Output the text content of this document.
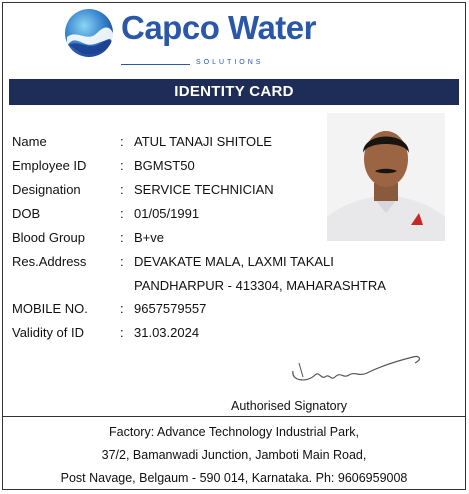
Capco Water
SOLUTIONS
IDENTITY CARD
Name	: ATUL TANAJI SHITOLE
Employee ID	: BGMST50
Designation	: SERVICE TECHNICIAN
DOB	: 01/05/1991
Blood Group	: B+ve
Res.Address	: DEVAKATE MALA, LAXMI TAKALI
PANDHARPUR - 413304, MAHARASHTRA
MOBILE NO. : 9657579557
Validity of ID	: 31.03.2024
Authorised Signatory
Factory: Advance Technology Industrial Park,
37/2, Bamanwadi Junction, Jamboti Main Road,
Post Navage, Belgaum - 590 014, Karnataka. Ph: 9606959008
